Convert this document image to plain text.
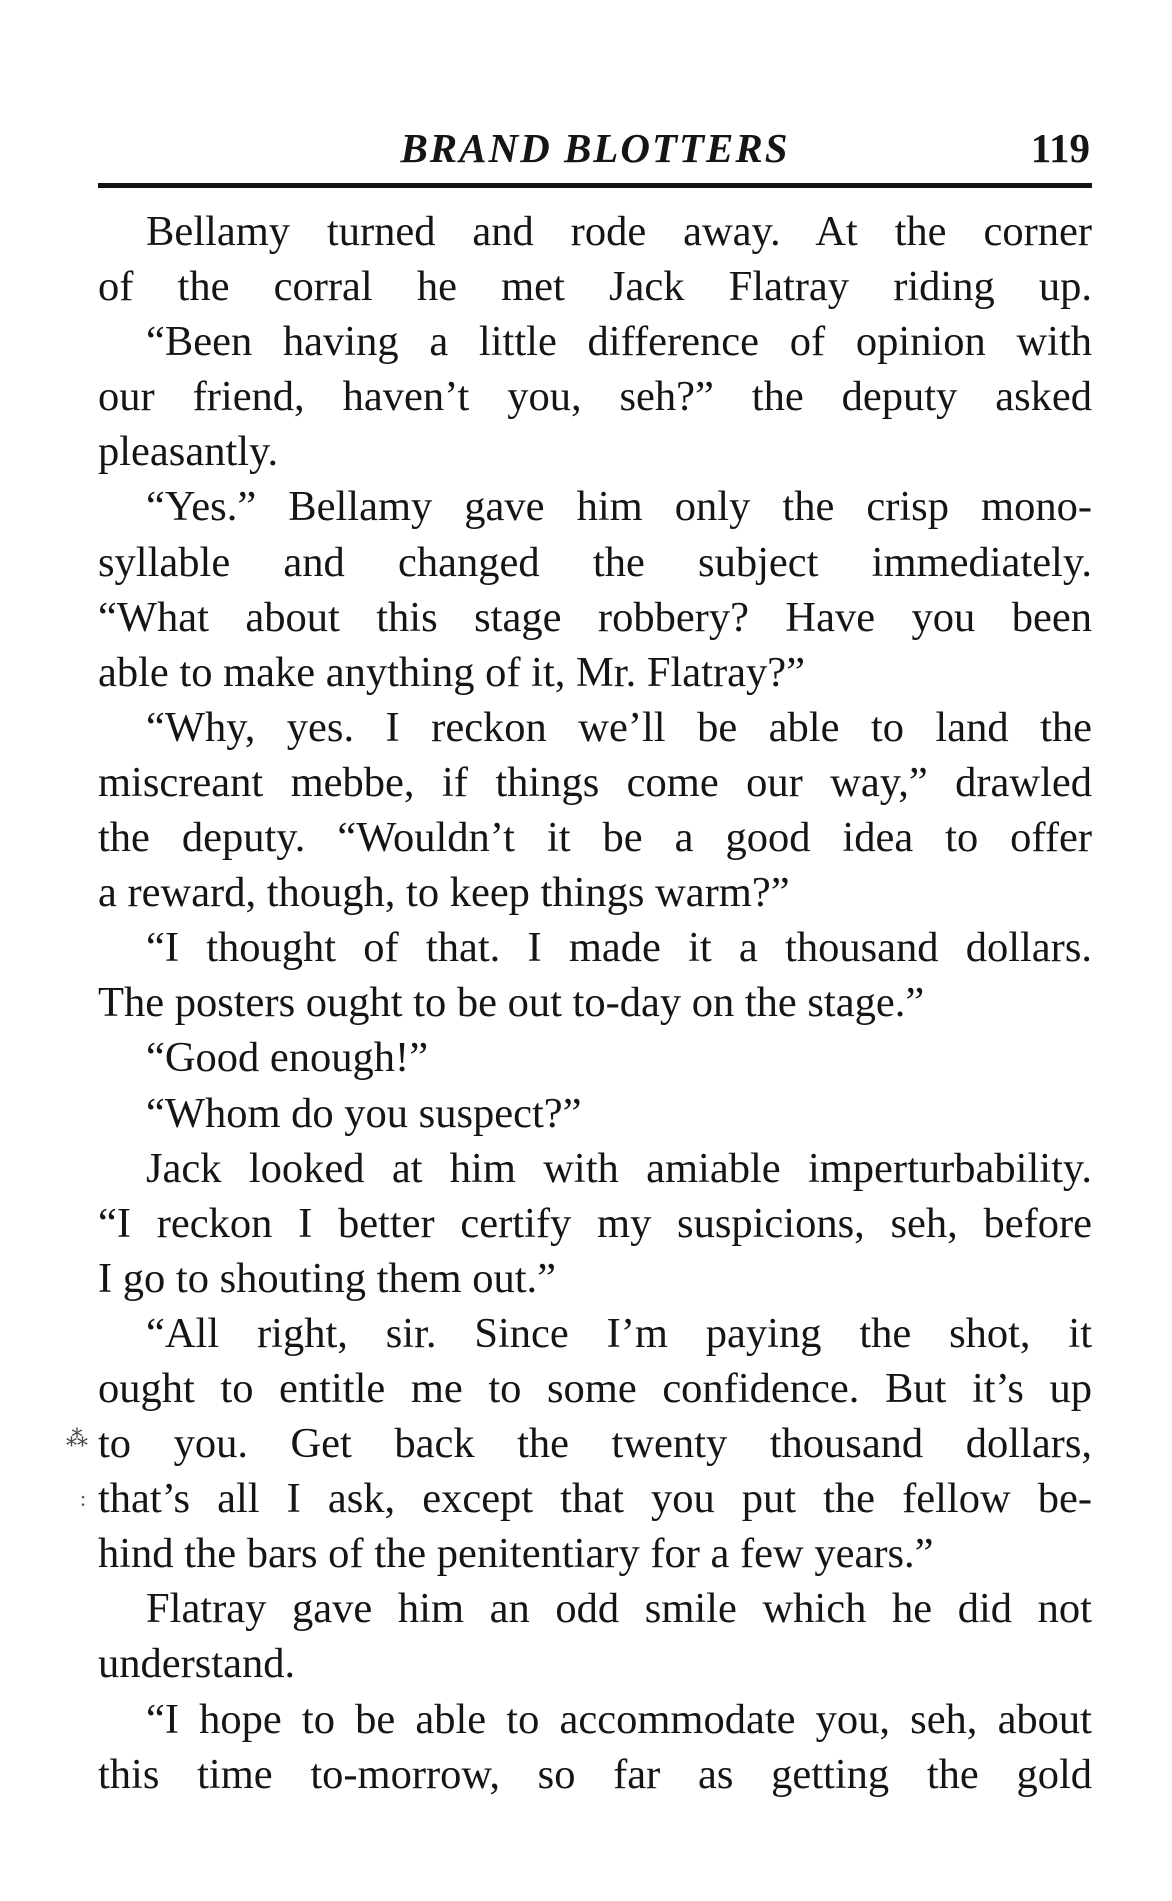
BRAND BLOTTERS	119
Bellamy turned and rode away. At the corner
of the corral he met Jack Flatray riding up.
“Been having a little difference of opinion with
our friend, haven’t you, seh?” the deputy asked
pleasantly.
“Yes.” Bellamy gave him only the crisp mono-
syllable and changed the subject immediately.
“What about this stage robbery? Have you been
able to make anything of it, Mr. Flatray?”
“Why, yes. I reckon we’ll be able to land the
miscreant mebbe, if things come our way,” drawled
the deputy. “Wouldn’t it be a good idea to offer
a reward, though, to keep things warm?”
“I thought of that. I made it a thousand dollars.
The posters ought to be out to-day on the stage.”
“Good enough!”
“Whom do you suspect?”
Jack looked at him with amiable imperturbability.
“I reckon I better certify my suspicions, seh, before
I go to shouting them out.”
“All right, sir. Since I’m paying the shot, it
ought to entitle me to some confidence. But it’s up
to you. Get back the twenty thousand dollars,
that’s all I ask, except that you put the fellow be-
hind the bars of the penitentiary for a few years.”
Flatray gave him an odd smile which he did not
understand.
“I hope to be able to accommodate you, seh, about
this time to-morrow, so far as getting the gold
⁂
:
